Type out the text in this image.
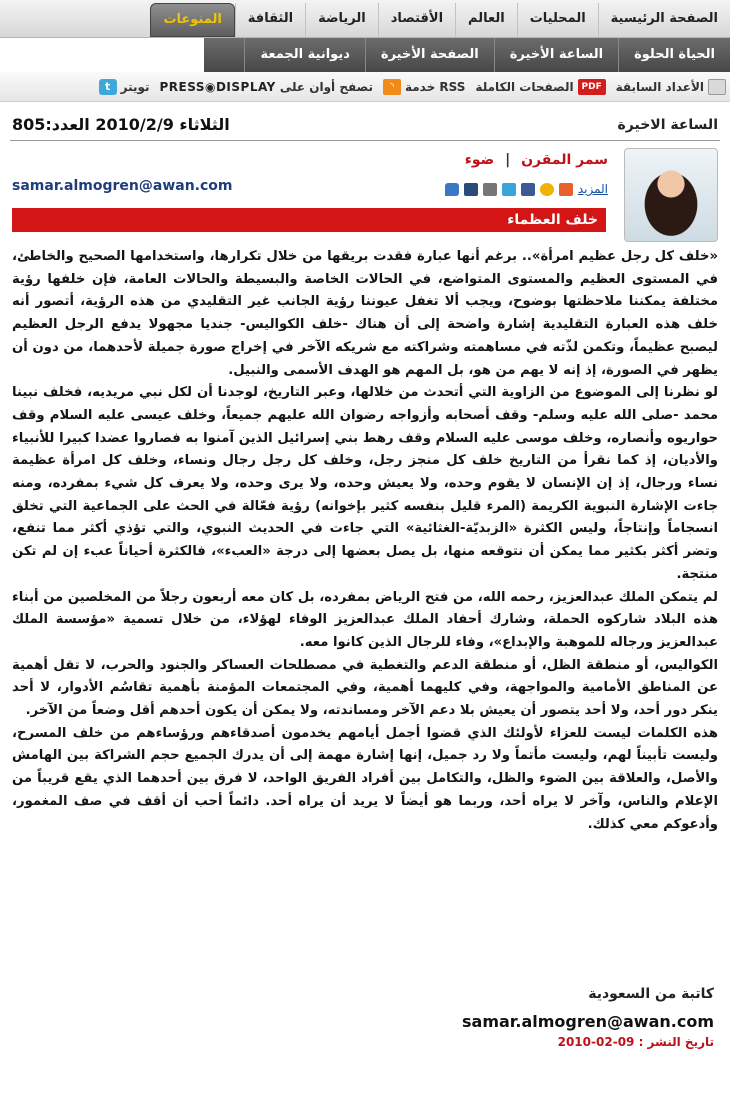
الصفحة الرئيسية
المحليات
العالم
الأقتصاد
الرياضة
الثقافة
المنوعات
الحياة الحلوة
الساعة الأخيرة
الصفحة الأخيرة
ديوانية الجمعة
الأعداد السابقة
PDF
الصفحات الكاملة
خدمة RSS
◝
تصفح أوان على
PRESS◉DISPLAY
تويتر
t
الساعة الاخيرة
الثلاثاء 2010/2/9 العدد:805
سمر المقرن | ضوء
samar.almogren@awan.com	المزيد
خلف العظماء

«خلف كل رجل عظيم امرأة».. برغم أنها عبارة فقدت بريقها من خلال تكرارها، واستخدامها الصحيح والخاطئ، في المستوى العظيم والمستوى المتواضع، في الحالات الخاصة والبسيطة والحالات العامة، فإن خلفها رؤية مختلفة يمكننا ملاحظتها بوضوح، ويجب ألا تغفل عيوننا رؤية الجانب غير التقليدي من هذه الرؤية، أتصور أنه خلف هذه العبارة التقليدية إشارة واضحة إلى أن هناك -خلف الكواليس- جنديا مجهولا يدفع الرجل العظيم ليصبح عظيماً، وتكمن لذّته في مساهمته وشراكته مع شريكه الآخر في إخراج صورة جميلة لأحدهما، من دون أن يظهر في الصورة، إذ إنه لا يهم من هو، بل المهم هو الهدف الأسمى والنبيل.

لو نظرنا إلى الموضوع من الزاوية التي أتحدث من خلالها، وعبر التاريخ، لوجدنا أن لكل نبي مريديه، فخلف نبينا محمد -صلى الله عليه وسلم- وقف أصحابه وأزواجه رضوان الله عليهم جميعاً، وخلف عيسى عليه السلام وقف حواريوه وأنصاره، وخلف موسى عليه السلام وقف رهط بني إسرائيل الذين آمنوا به فصاروا عضدا كبيرا للأنبياء والأديان، إذ كما نقرأ من التاريخ خلف كل منجز رجل، وخلف كل رجل رجال ونساء، وخلف كل امرأة عظيمة نساء ورجال، إذ إن الإنسان لا يقوم وحده، ولا يعيش وحده، ولا يرى وحده، ولا يعرف كل شيء بمفرده، ومنه جاءت الإشارة النبوية الكريمة (المرء قليل بنفسه كثير بإخوانه) رؤية فعّالة في الحث على الجماعية التي تخلق انسجاماً وإنتاجاً، وليس الكثرة «الزبديّة-الغثائية» التي جاءت في الحديث النبوي، والتي تؤذي أكثر مما تنفع، وتضر أكثر بكثير مما يمكن أن نتوقعه منها، بل يصل بعضها إلى درجة «العبء»، فالكثرة أحياناً عبء إن لم تكن منتجة.

لم يتمكن الملك عبدالعزيز، رحمه الله، من فتح الرياض بمفرده، بل كان معه أربعون رجلاً من المخلصين من أبناء هذه البلاد شاركوه الحملة، وشارك أحفاد الملك عبدالعزيز الوفاء لهؤلاء، من خلال تسمية «مؤسسة الملك عبدالعزيز ورجاله للموهبة والإبداع»، وفاء للرجال الذين كانوا معه.

الكواليس، أو منطقة الظل، أو منطقة الدعم والتغطية في مصطلحات العساكر والجنود والحرب، لا تقل أهمية عن المناطق الأمامية والمواجهة، وفي كليهما أهمية، وفي المجتمعات المؤمنة بأهمية تقاسُم الأدوار، لا أحد ينكر دور أحد، ولا أحد يتصور أن يعيش بلا دعم الآخر ومساندته، ولا يمكن أن يكون أحدهم أقل وضعاً من الآخر.

هذه الكلمات ليست للعزاء لأولئك الذي قضوا أجمل أيامهم يخدمون أصدقاءهم ورؤساءهم من خلف المسرح، وليست تأبيناً لهم، وليست مأتماً ولا رد جميل، إنها إشارة مهمة إلى أن يدرك الجميع حجم الشراكة بين الهامش والأصل، والعلاقة بين الضوء والظل، والتكامل بين أفراد الفريق الواحد، لا فرق بين أحدهما الذي يقع قريباً من الإعلام والناس، وآخر لا يراه أحد، وربما هو أيضاً لا يريد أن يراه أحد. دائماً أحب أن أقف في صف المغمور، وأدعوكم معي كذلك.

كاتبة من السعودية
samar.almogren@awan.com
تاريخ النشر : 09-02-2010
